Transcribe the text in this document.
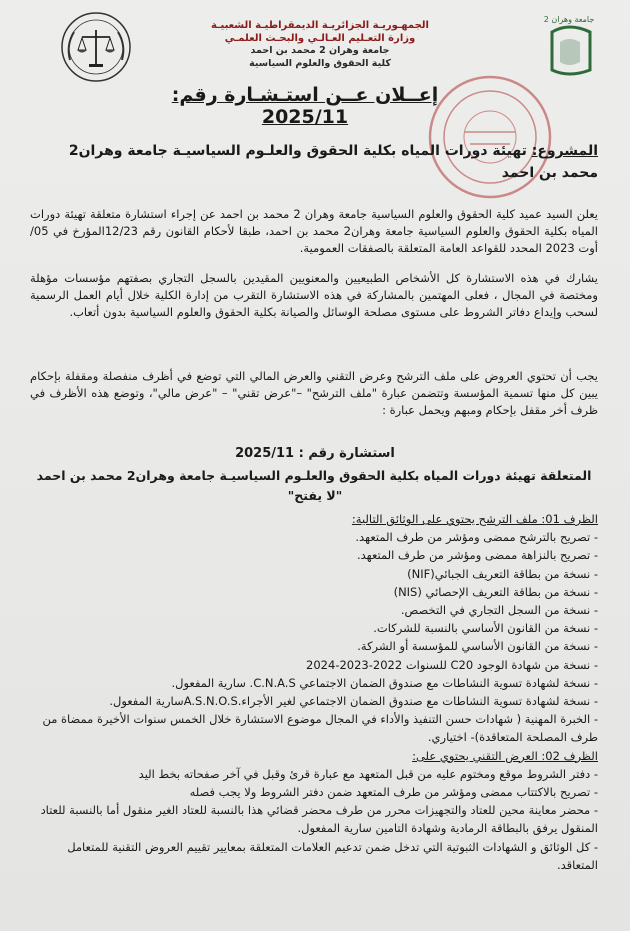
الجمهـوريـة الجزائريـة الديمقراطيـة الشعبيـة
وزارة التعـليم العـالـي والبحـث العلمـي
جامعة وهران 2 محمد بن احمد
كلية الحقوق والعلوم السياسية
جامعة وهران 2
إعــلان عــن استـشـارة رقم: 2025/11
المشروع: تهيئة دورات المياه بكلية الحقوق والعلـوم السياسيـة جامعة وهران2 محمد بن احمد
يعلن السيد عميد كلية الحقوق والعلوم السياسية جامعة وهران 2 محمد بن احمد عن إجراء استشارة متعلقة تهيئة دورات المياه بكلية الحقوق والعلوم السياسية جامعة وهران2 محمد بن احمد، طبقا لأحكام القانون رقم 12/23المؤرخ في 05/ أوت 2023 المحدد للقواعد العامة المتعلقة بالصفقات العمومية.
يشارك في هذه الاستشارة كل الأشخاص الطبيعيين والمعنويين المقيدين بالسجل التجاري بصفتهم مؤسسات مؤهلة ومختصة في المجال ، فعلى المهتمين بالمشاركة في هذه الاستشارة التقرب من إدارة الكلية خلال أيام العمل الرسمية لسحب وإيداع دفاتر الشروط على مستوى مصلحة الوسائل والصيانة بكلية الحقوق والعلوم السياسية بدون أتعاب.
يجب أن تحتوي العروض على ملف الترشح وعرض التقني والعرض المالي التي توضع في أظرف منفصلة ومقفلة بإحكام يبين كل منها تسمية المؤسسة وتتضمن عبارة "ملف الترشح" –"عرض تقني" – "عرض مالي"، وتوضع هذه الأظرف في ظرف أخر مقفل بإحكام ومبهم ويحمل عبارة :
استشارة رقم : 2025/11
المتعلقة تهيئة دورات المياه بكلية الحقوق والعلـوم السياسيـة جامعة وهران2 محمد بن احمد
"لا يفتح"
الظرف 01: ملف الترشح يحتوي على الوثائق التالية:
- تصريح بالترشح ممضى ومؤشر من طرف المتعهد.
- تصريح بالنزاهة ممضى ومؤشر من طرف المتعهد.
- نسخة من بطاقة التعريف الجبائي(NIF)
- نسخة من بطاقة التعريف الإحصائي (NIS)
- نسخة من السجل التجاري في التخصص.
- نسخة من القانون الأساسي بالنسبة للشركات.
- نسخة من القانون الأساسي للمؤسسة أو الشركة.
- نسخة من شهادة الوجود C20 للسنوات 2022-2023-2024
- نسخة لشهادة تسوية النشاطات مع صندوق الضمان الاجتماعي C.N.A.S. سارية المفعول.
- نسخة لشهادة تسوية النشاطات مع صندوق الضمان الاجتماعي لغير الأجراء.A.S.N.O.Sسارية المفعول.
- الخبرة المهنية ( شهادات حسن التنفيذ والأداء في المجال موضوع الاستشارة خلال الخمس سنوات الأخيرة ممضاة من طرف المصلحة المتعاقدة)- اختياري.
الظرف 02: العرض التقني يحتوي على:
- دفتر الشروط موقع ومختوم عليه من قبل المتعهد مع عبارة قرئ وقبل في آخر صفحاته بخط اليد
- تصريح بالاكتتاب ممضى ومؤشر من طرف المتعهد ضمن دفتر الشروط ولا يجب فصله
- محضر معاينة محين للعتاد والتجهيزات محرر من طرف محضر قضائي هذا بالنسبة للعتاد الغير منقول أما بالنسبة للعتاد المنقول يرفق بالبطاقة الرمادية وشهادة التامين سارية المفعول.
- كل الوثائق و الشهادات الثبوتية التي تدخل ضمن تدعيم العلامات المتعلقة بمعايير تقييم العروض التقنية للمتعامل المتعاقد.
